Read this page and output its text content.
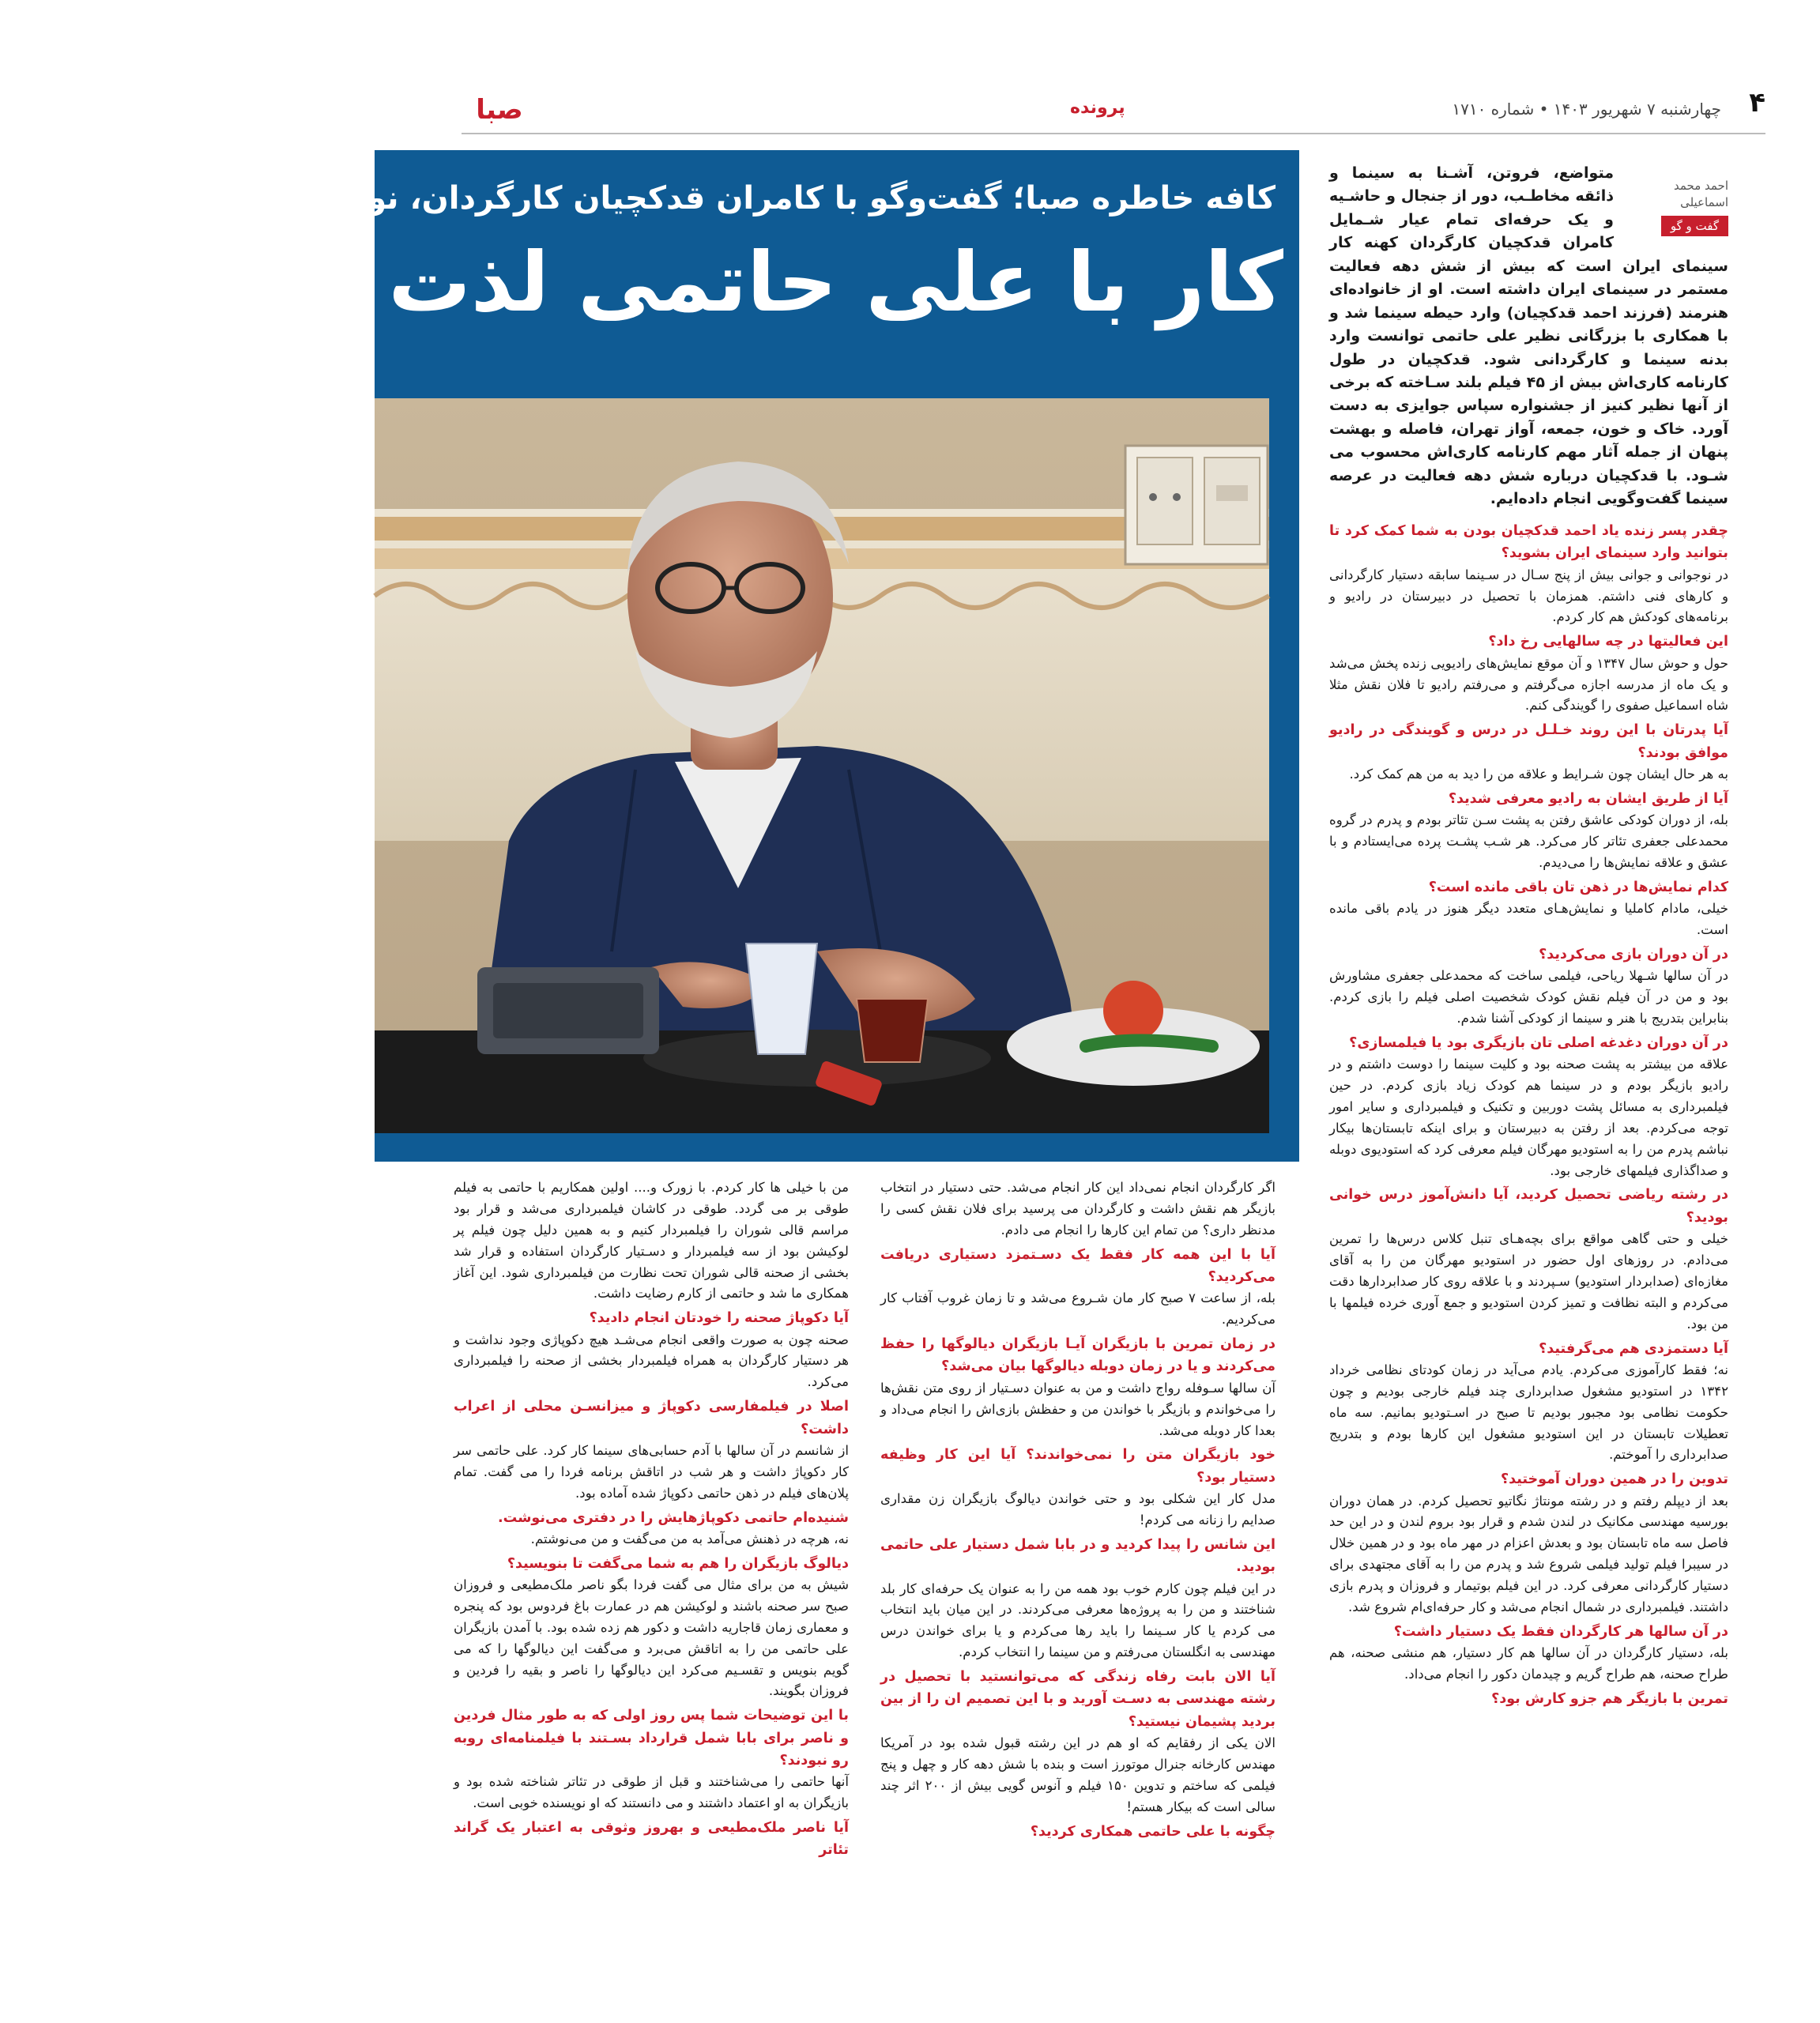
۴
چهارشنبه ۷ شهریور ۱۴۰۳ • شماره ۱۷۱۰
پرونده
صبا
کافه خاطره صبا؛ گفت‌وگو با کامران قدکچیان کارگردان، نویسنده و تدوینگر
کار با علی حاتمی لذت بخش بود
متواضع، فروتن، آشـنا به سینما و ذائقه مخاطـب، دور از جنجال و حاشـیه و یک حرفه‌ای تمام عیار شـمایل کامران قدکچیان کارگردان کهنه کار سینمای ایران است که بیش از شش دهه فعالیت مستمر در سینمای ایران داشته است. او از خانواده‌ای هنرمند (فرزند احمد قدکچیان) وارد حیطه سینما شد و با همکاری با بزرگانی نظیر علی حاتمی توانست وارد بدنه سینما و کارگردانی شود. قدکچیان در طول کارنامه کاری‌اش بیش از ۴۵ فیلم بلند سـاخته که برخی از آنها نظیر کنیز از جشنواره سپاس جوایزی به دست آورد. خاک و خون، جمعه، آواز تهران، فاصله و بهشت پنهان از جمله آثار مهم کارنامه کاری‌اش محسوب می شـود. با قدکچیان درباره شش دهه فعالیت در عرصه سینما گفت‌وگویی انجام داده‌ایم.
احمد محمد اسماعیلی
گفت و گو

چقدر پسر زنده یاد احمد قدکچیان بودن به شما کمک کرد تا بتوانید وارد سینمای ایران بشوید؟

در نوجوانی و جوانی بیش از پنج سـال در سـینما سابقه دستیار کارگردانی و کارهای فنی داشتم. همزمان با تحصیل در دبیرستان در رادیو و برنامه‌های کودکش هم کار کردم.

این فعالیتها در چه سالهایی رخ داد؟

حول و حوش سال ۱۳۴۷ و آن موقع نمایش‌های رادیویی زنده پخش می‌شد و یک ماه از مدرسه اجازه می‌گرفتم و می‌رفتم رادیو تا فلان نقش مثلا شاه اسماعیل صفوی را گویندگی کنم.

آیا پدرتان با این روند خـلـل در درس و گویندگی در رادیو موافق بودند؟

به هر حال ایشان چون شـرایط و علاقه من را دید به من هم کمک کرد.

آیا از طریق ایشان به رادیو معرفی شدید؟

بله، از دوران کودکی عاشق رفتن به پشت سـن تئاتر بودم و پدرم در گروه محمدعلی جعفری تئاتر کار می‌کرد. هر شـب پشـت پرده می‌ایستادم و با عشق و علاقه نمایش‌ها را می‌دیدم.

کدام نمایش‌ها در ذهن تان باقی مانده است؟

خیلی، مادام کاملیا و نمایش‌هـای متعدد دیگر هنوز در یادم باقی مانده است.

در آن دوران بازی می‌کردید؟

در آن سالها شـهلا ریاحی، فیلمی ساخت که محمدعلی جعفری مشاورش بود و من در آن فیلم نقش کودک شخصیت اصلی فیلم را بازی کردم. بنابراین بتدریج با هنر و سینما از کودکی آشنا شدم.

در آن دوران دغدغه اصلی تان بازیگری بود یا فیلمسازی؟

علاقه من بیشتر به پشت صحنه بود و کلیت سینما را دوست داشتم و در رادیو بازیگر بودم و در سینما هم کودک زیاد بازی کردم. در حین فیلمبرداری به مسائل پشت دوربین و تکنیک و فیلمبرداری و سایر امور توجه می‌کردم. بعد از رفتن به دبیرستان و برای اینکه تابستان‌ها بیکار نباشم پدرم من را به استودیو مهرگان فیلم معرفی کرد که استودیوی دوبله و صداگذاری فیلمهای خارجی بود.

در رشته ریاضی تحصیل کردید، آیا دانش‌آموز درس خوانی بودید؟

خیلی و حتی گاهی مواقع برای بچه‌هـای تنبل کلاس درس‌ها را تمرین می‌دادم. در روزهای اول حضور در استودیو مهرگان من را به آقای مغازه‌ای (صدابردار استودیو) سـپردند و با علاقه روی کار صدابردارها دقت می‌کردم و البته نظافت و تمیز کردن استودیو و جمع آوری خرده فیلمها با من بود.

آیا دستمزدی هم می‌گرفتید؟

نه؛ فقط کارآموزی می‌کردم. یادم می‌آید در زمان کودتای نظامی خرداد ۱۳۴۲ در استودیو مشغول صدابرداری چند فیلم خارجی بودیم و چون حکومت نظامی بود مجبور بودیم تا صبح در اسـتودیو بمانیم. سه ماه تعطیلات تابستان در این استودیو مشغول این کارها بودم و بتدریج صدابرداری را آموختم.

تدوین را در همین دوران آموختید؟

بعد از دیپلم رفتم و در رشته مونتاژ نگاتیو تحصیل کردم. در همان دوران بورسیه مهندسی مکانیک در لندن شدم و قرار بود بروم لندن و در این حد فاصل سه ماه تابستان بود و بعدش اعزام در مهر ماه بود و در همین خلال در سیبرا فیلم تولید فیلمی شروع شد و پدرم من را به آقای مجتهدی برای دستیار کارگردانی معرفی کرد. در این فیلم بوتیمار و فروزان و پدرم بازی داشتند. فیلمبرداری در شمال انجام می‌شد و کار حرفه‌ای‌ام شروع شد.

در آن سالها هر کارگردان فقط یک دستیار داشت؟

بله، دستیار کارگردان در آن سالها هم کار دستیار، هم منشی صحنه، هم طراح صحنه، هم طراح گریم و چیدمان دکور را انجام می‌داد.

تمرین با بازیگر هم جزو کارش بود؟

اگر کارگردان انجام نمی‌داد این کار انجام می‌شد. حتی دستیار در انتخاب بازیگر هم نقش داشت و کارگردان می پرسید برای فلان نقش کسی را مدنظر داری؟ من تمام این کارها را انجام می دادم.

آیا با این همه کار فقط یک دسـتمزد دستیاری دریافت می‌کردید؟

بله، از ساعت ۷ صبح کار مان شـروع می‌شد و تا زمان غروب آفتاب کار می‌کردیم.

در زمان تمرین با بازیگران آیـا بازیگران دیالوگها را حفظ می‌کردند و یا در زمان دوبله دیالوگها بیان می‌شد؟

آن سالها سـوفله رواج داشت و من به عنوان دسـتیار از روی متن نقش‌ها را می‌خواندم و بازیگر با خواندن من و حفظش بازی‌اش را انجام می‌داد و بعدا کار دوبله می‌شد.

خود بازیگران متن را نمی‌خواندند؟ آیا این کار وظیفه دستیار بود؟

مدل کار این شکلی بود و حتی خواندن دیالوگ بازیگران زن مقداری صدایم را زنانه می کردم!

این شانس را پیدا کردید و در بابا شمل دستیار علی حاتمی بودید.

در این فیلم چون کارم خوب بود همه من را به عنوان یک حرفه‌ای کار بلد شناختند و من را به پروژه‌ها معرفی می‌کردند. در این میان باید انتخاب می کردم یا کار سـینما را باید رها می‌کردم و یا برای خواندن درس مهندسی به انگلستان می‌رفتم و من سینما را انتخاب کردم.

آیا الان بابت رفاه زندگی که می‌توانستید با تحصیل در رشته مهندسی به دسـت آورید و با این تصمیم ان را از بین بردید پشیمان نیستید؟

الان یکی از رفقایم که او هم در این رشته قبول شده بود در آمریکا مهندس کارخانه جنرال موتورز است و بنده با شش دهه کار و چهل و پنج فیلمی که ساختم و تدوین ۱۵۰ فیلم و آنوس گویی بیش از ۲۰۰ اثر چند سالی است که بیکار هستم!

چگونه با علی حاتمی همکاری کردید؟

من با خیلی ها کار کردم. با زورک و.... اولین همکاریم با حاتمی به فیلم طوقی بر می گردد. طوقی در کاشان فیلمبرداری می‌شد و قرار بود مراسم قالی شوران را فیلمبردار کنیم و به همین دلیل چون فیلم پر لوکیشن بود از سه فیلمبردار و دسـتیار کارگردان استفاده و قرار شد بخشی از صحنه قالی شوران تحت نظارت من فیلمبرداری شود. این آغاز همکاری ما شد و حاتمی از کارم رضایت داشت.

آیا دکوپاژ صحنه را خودتان انجام دادید؟

صحنه چون به صورت واقعی انجام می‌شـد هیچ دکوپاژی وجود نداشت و هر دستیار کارگردان به همراه فیلمبردار بخشی از صحنه را فیلمبرداری می‌کرد.

اصلا در فیلمفارسی دکوپاژ و میزانسـن محلی از اعراب داشت؟

از شانسم در آن سالها با آدم حسابی‌های سینما کار کرد. علی حاتمی سر کار دکوپاژ داشت و هر شب در اتاقش برنامه فردا را می گفت. تمام پلان‌های فیلم در ذهن حاتمی دکوپاژ شده آماده بود.

شنیده‌ام حاتمی دکوپاژهایش را در دفتری می‌نوشت.

نه، هرچه در ذهنش می‌آمد به من می‌گفت و من می‌نوشتم.

دیالوگ بازیگران را هم به شما می‌گفت تا بنویسید؟

شیش به من برای مثال می گفت فردا بگو ناصر ملک‌مطیعی و فروزان صبح سر صحنه باشند و لوکیشن هم در عمارت باغ فردوس بود که پنجره و معماری زمان قاجاریه داشت و دکور هم زده شده بود. با آمدن بازیگران علی حاتمی من را به اتاقش می‌برد و می‌گفت این دیالوگها را که می گویم بنویس و تقسـیم می‌کرد این دیالوگها را ناصر و بقیه را فردین و فروزان بگویند.

با این توضیحات شما پس روز اولی که به طور مثال فردین و ناصر برای بابا شمل قرارداد بسـتند با فیلمنامه‌ای روبه رو نبودند؟

آنها حاتمی را می‌شناختند و قبل از طوقی در تئاتر شناخته شده بود و بازیگران به او اعتماد داشتند و می دانستند که او نویسنده خوبی است.

آیا ناصر ملک‌مطیعی و بهروز وثوقی به اعتبار یک گراند تئاتر
